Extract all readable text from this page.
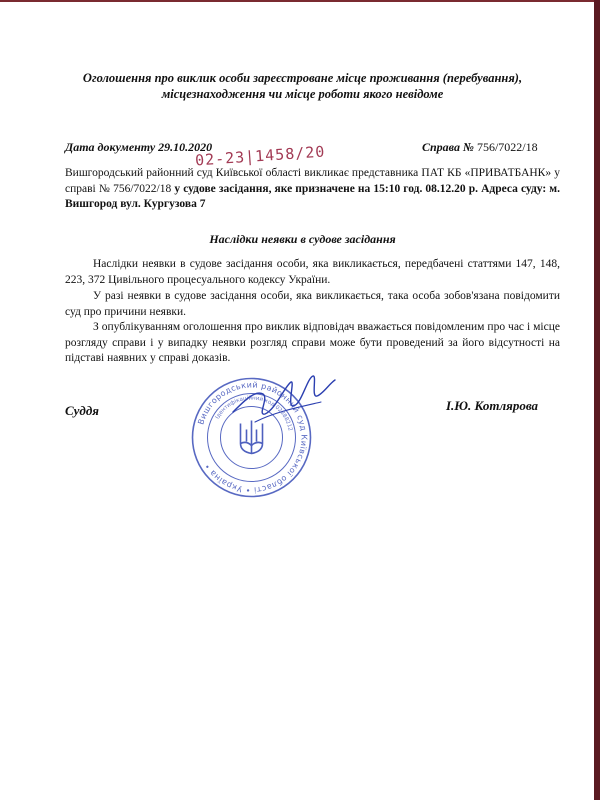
Оголошення про виклик особи зареєстроване місце проживання (перебування),
місцезнаходження чи місце роботи якого невідоме
Дата документу 29.10.2020	Справа № 756/7022/18
02-23|1458/20
Вишгородський районний суд Київської області викликає представника ПАТ КБ «ПРИВАТБАНК» у справі № 756/7022/18 у судове засідання, яке призначене на 15:10 год. 08.12.20 р. Адреса суду: м. Вишгород вул. Кургузова 7
Наслідки неявки в судове засідання
Наслідки неявки в судове засідання особи, яка викликається, передбачені статтями 147, 148, 223, 372 Цивільного процесуального кодексу України.
У разі неявки в судове засідання особи, яка викликається, така особа зобов'язана повідомити суд про причини неявки.
З опублікуванням оголошення про виклик відповідач вважається повідомленим про час і місце розгляду справи і у випадку неявки розгляд справи може бути проведений за його відсутності на підставі наявних у справі доказів.
Суддя	І.Ю. Котлярова
Вишгородський районний суд Київської області • Україна •
Ідентифікаційний код 02888212
